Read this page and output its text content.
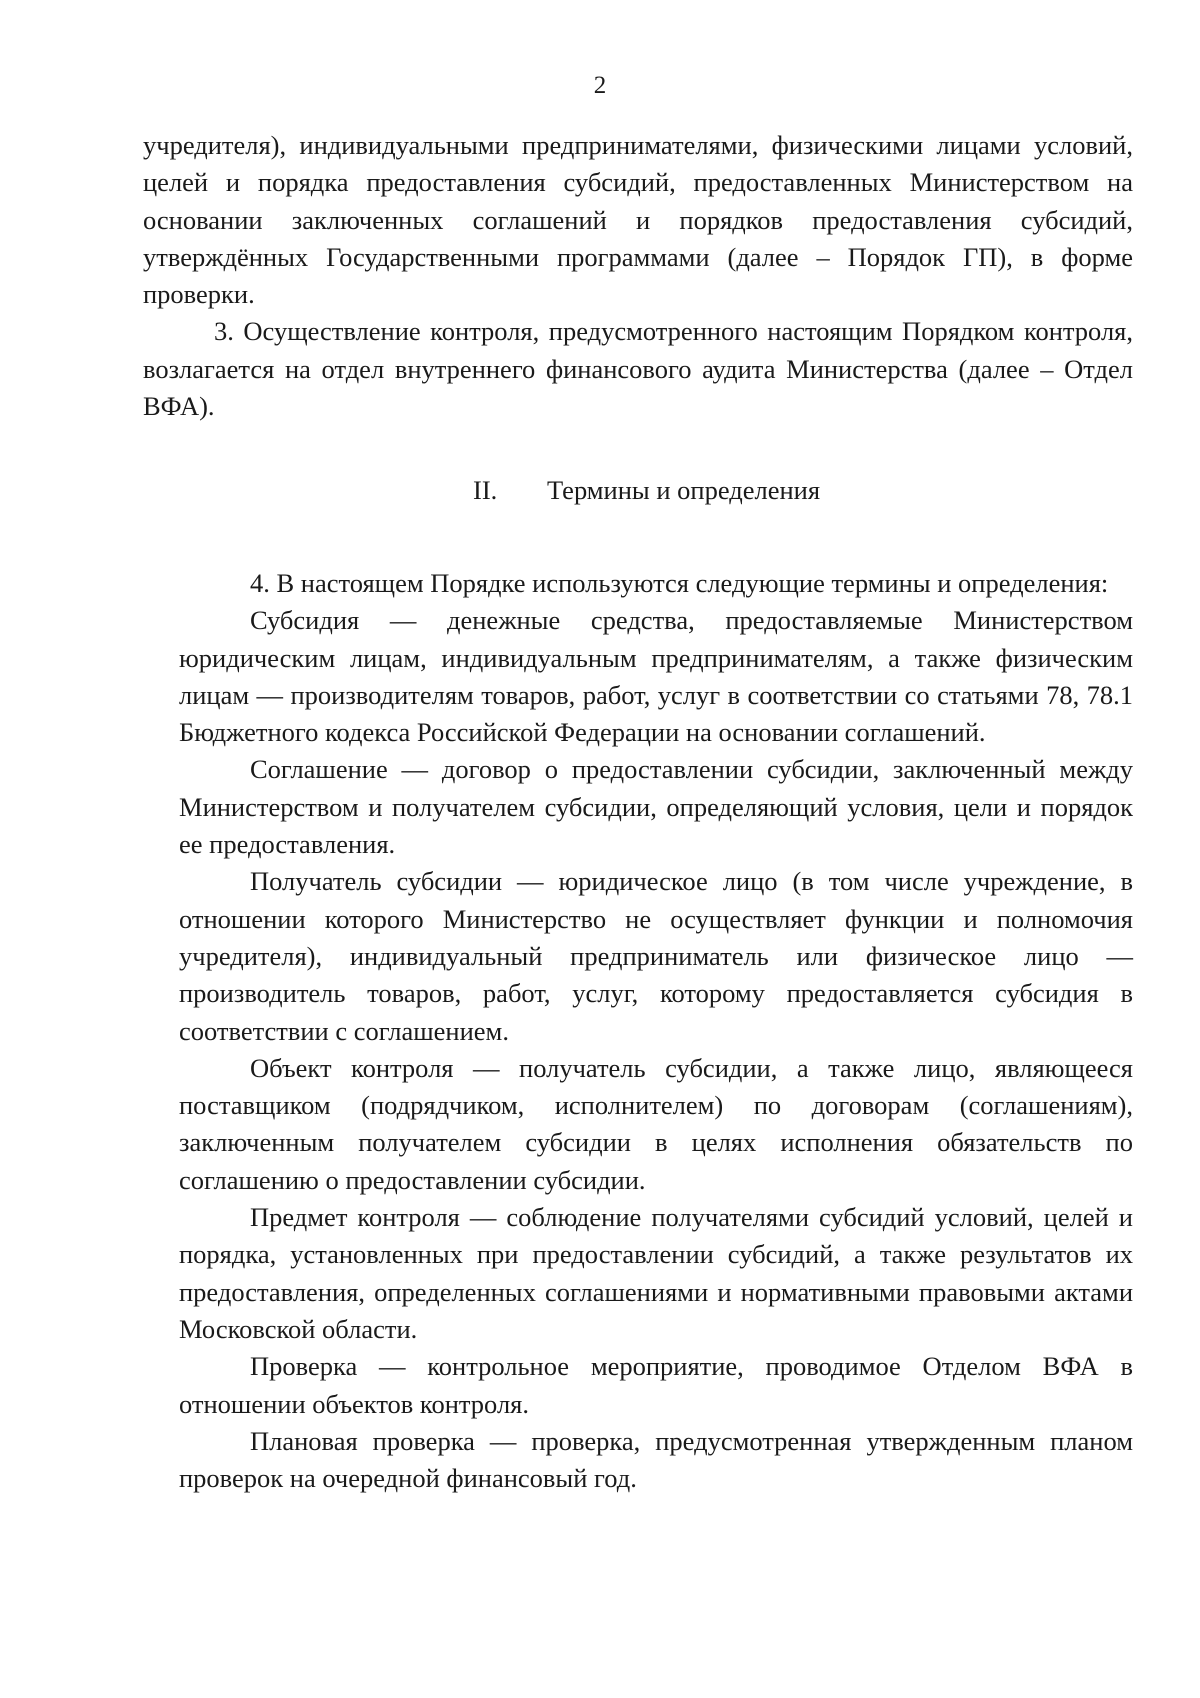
2

учредителя), индивидуальными предпринимателями, физическими лицами условий, целей и порядка предоставления субсидий, предоставленных Министерством на основании заключенных соглашений и порядков предоставления субсидий, утверждённых Государственными программами (далее – Порядок ГП), в форме проверки.

3. Осуществление контроля, предусмотренного настоящим Порядком контроля, возлагается на отдел внутреннего финансового аудита Министерства (далее – Отдел ВФА).

II. Термины и определения

4. В настоящем Порядке используются следующие термины и определения:

Субсидия — денежные средства, предоставляемые Министерством юридическим лицам, индивидуальным предпринимателям, а также физическим лицам — производителям товаров, работ, услуг в соответствии со статьями 78, 78.1 Бюджетного кодекса Российской Федерации на основании соглашений.

Соглашение — договор о предоставлении субсидии, заключенный между Министерством и получателем субсидии, определяющий условия, цели и порядок ее предоставления.

Получатель субсидии — юридическое лицо (в том числе учреждение, в отношении которого Министерство не осуществляет функции и полномочия учредителя), индивидуальный предприниматель или физическое лицо — производитель товаров, работ, услуг, которому предоставляется субсидия в соответствии с соглашением.

Объект контроля — получатель субсидии, а также лицо, являющееся поставщиком (подрядчиком, исполнителем) по договорам (соглашениям), заключенным получателем субсидии в целях исполнения обязательств по соглашению о предоставлении субсидии.

Предмет контроля — соблюдение получателями субсидий условий, целей и порядка, установленных при предоставлении субсидий, а также результатов их предоставления, определенных соглашениями и нормативными правовыми актами Московской области.

Проверка — контрольное мероприятие, проводимое Отделом ВФА в отношении объектов контроля.

Плановая проверка — проверка, предусмотренная утвержденным планом проверок на очередной финансовый год.
